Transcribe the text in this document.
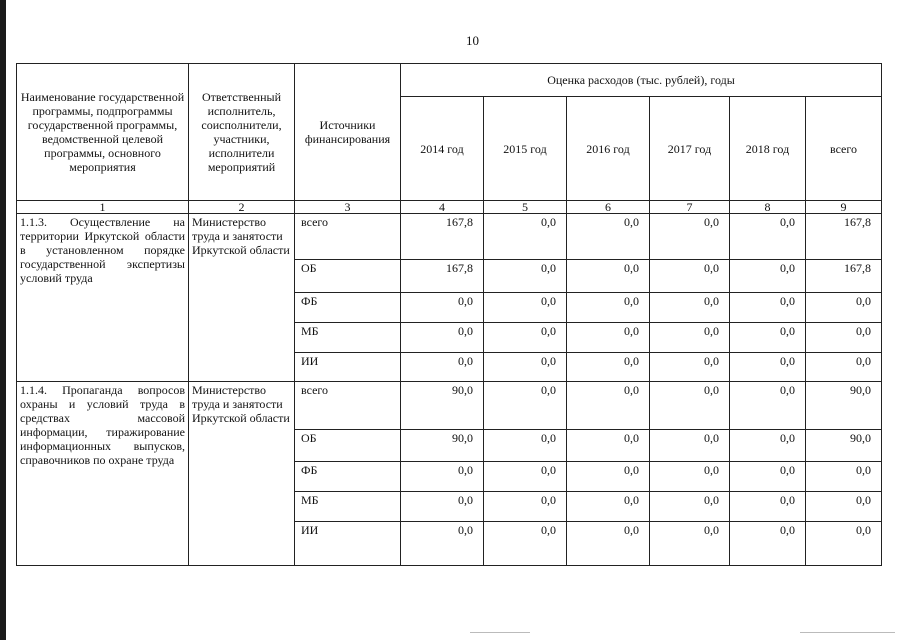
10
Наименование государственной программы, подпрограммы государственной программы, ведомственной целевой программы, основного мероприятия	Ответственный исполнитель, соисполнители, участники, исполнители мероприятий	Источники финансирования	Оценка расходов (тыс. рублей), годы					
			2014 год	2015 год	2016 год	2017 год	2018 год	всего
1	2	3	4	5	6	7	8	9
1.1.3. Осуществление на территории Иркутской области в установленном порядке государственной экспертизы условий труда	Министерство труда и занятости Иркутской области	всего	167,8	0,0	0,0	0,0	0,0	167,8
		ОБ	167,8	0,0	0,0	0,0	0,0	167,8
		ФБ	0,0	0,0	0,0	0,0	0,0	0,0
		МБ	0,0	0,0	0,0	0,0	0,0	0,0
		ИИ	0,0	0,0	0,0	0,0	0,0	0,0
1.1.4. Пропаганда вопросов охраны и условий труда в средствах массовой информации, тиражирование информационных выпусков, справочников по охране труда	Министерство труда и занятости Иркутской области	всего	90,0	0,0	0,0	0,0	0,0	90,0
		ОБ	90,0	0,0	0,0	0,0	0,0	90,0
		ФБ	0,0	0,0	0,0	0,0	0,0	0,0
		МБ	0,0	0,0	0,0	0,0	0,0	0,0
		ИИ	0,0	0,0	0,0	0,0	0,0	0,0
